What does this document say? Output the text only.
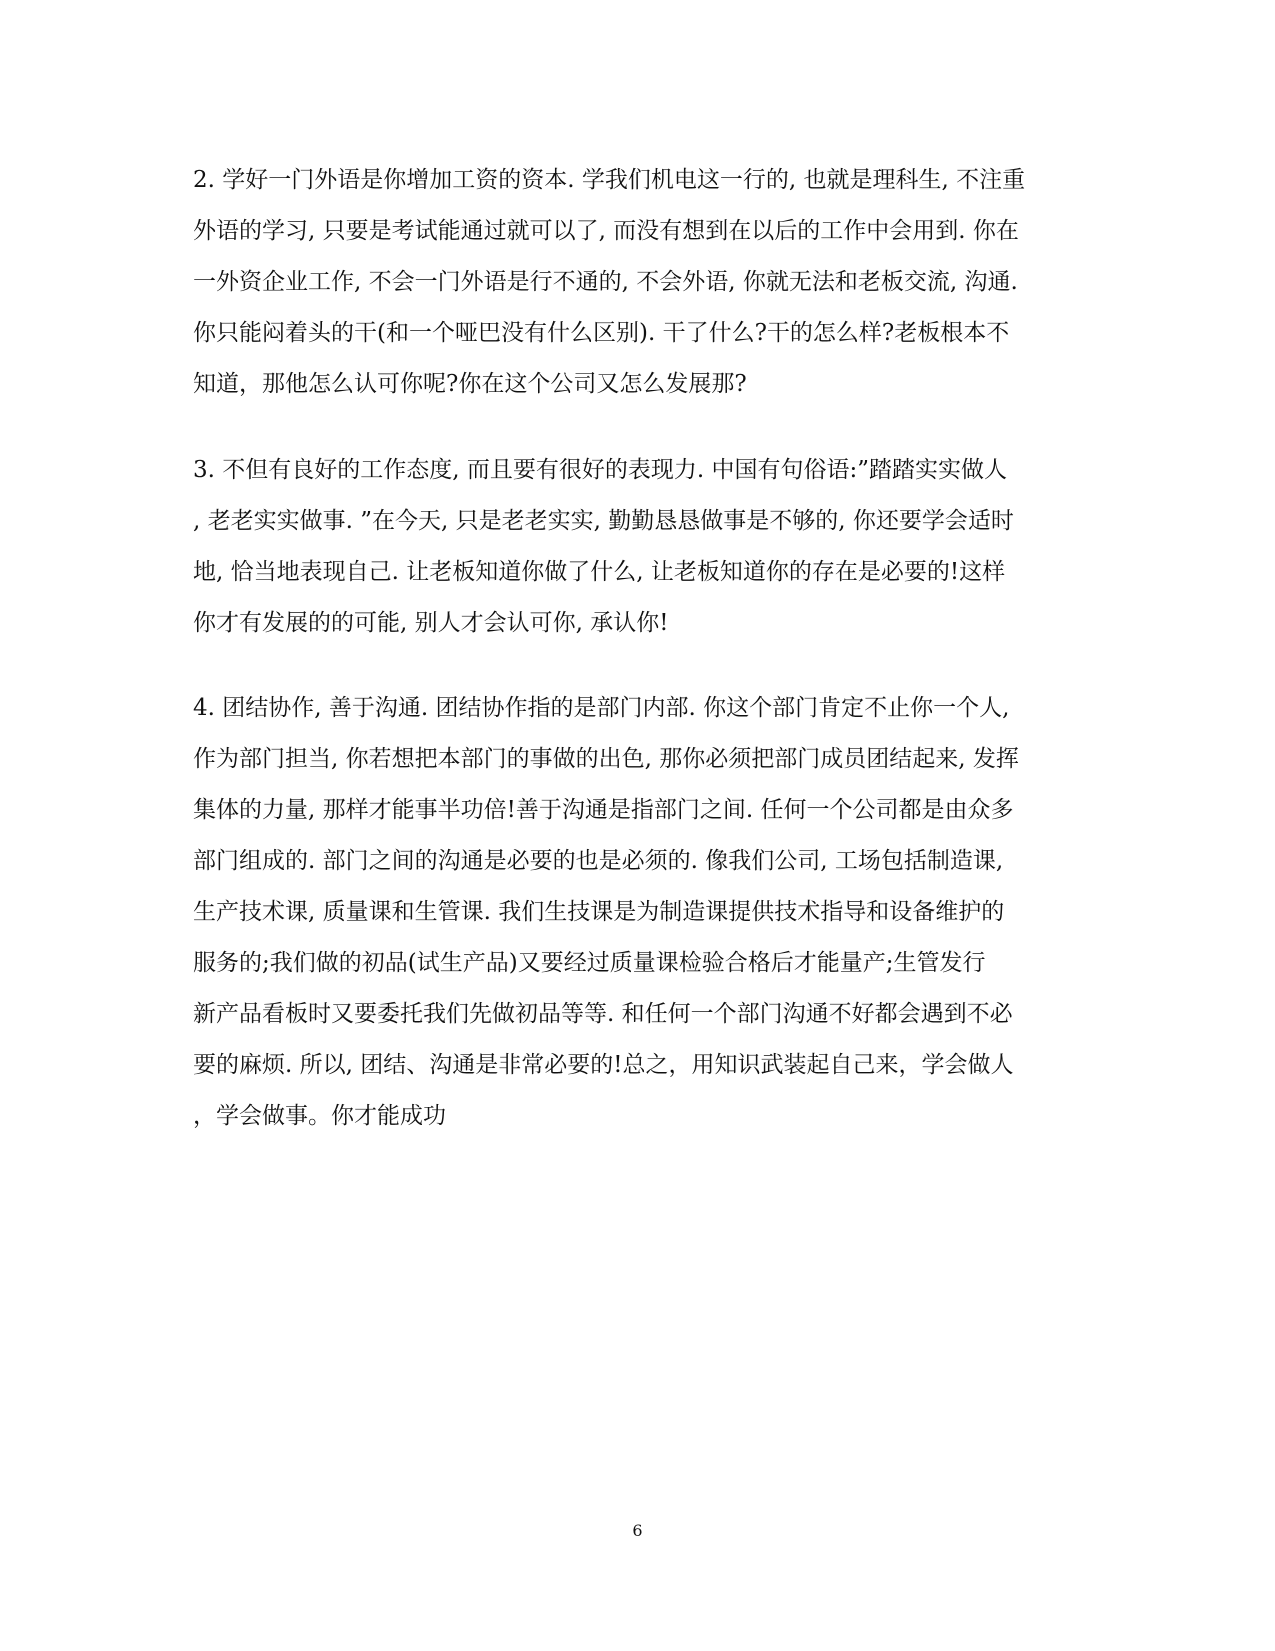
2. 学好一门外语是你增加工资的资本. 学我们机电这一行的, 也就是理科生, 不注重
外语的学习, 只要是考试能通过就可以了, 而没有想到在以后的工作中会用到. 你在
一外资企业工作, 不会一门外语是行不通的, 不会外语, 你就无法和老板交流, 沟通.
你只能闷着头的干(和一个哑巴没有什么区别). 干了什么?干的怎么样?老板根本不
知道，那他怎么认可你呢?你在这个公司又怎么发展那?
3. 不但有良好的工作态度, 而且要有很好的表现力. 中国有句俗语:”踏踏实实做人
, 老老实实做事. ”在今天, 只是老老实实, 勤勤恳恳做事是不够的, 你还要学会适时
地, 恰当地表现自己. 让老板知道你做了什么, 让老板知道你的存在是必要的!这样
你才有发展的的可能, 别人才会认可你, 承认你!
4. 团结协作, 善于沟通. 团结协作指的是部门内部. 你这个部门肯定不止你一个人,
作为部门担当, 你若想把本部门的事做的出色, 那你必须把部门成员团结起来, 发挥
集体的力量, 那样才能事半功倍!善于沟通是指部门之间. 任何一个公司都是由众多
部门组成的. 部门之间的沟通是必要的也是必须的. 像我们公司, 工场包括制造课,
生产技术课, 质量课和生管课. 我们生技课是为制造课提供技术指导和设备维护的
服务的;我们做的初品(试生产品)又要经过质量课检验合格后才能量产;生管发行
新产品看板时又要委托我们先做初品等等. 和任何一个部门沟通不好都会遇到不必
要的麻烦. 所以, 团结、沟通是非常必要的!总之，用知识武装起自己来，学会做人
，学会做事。你才能成功
6
